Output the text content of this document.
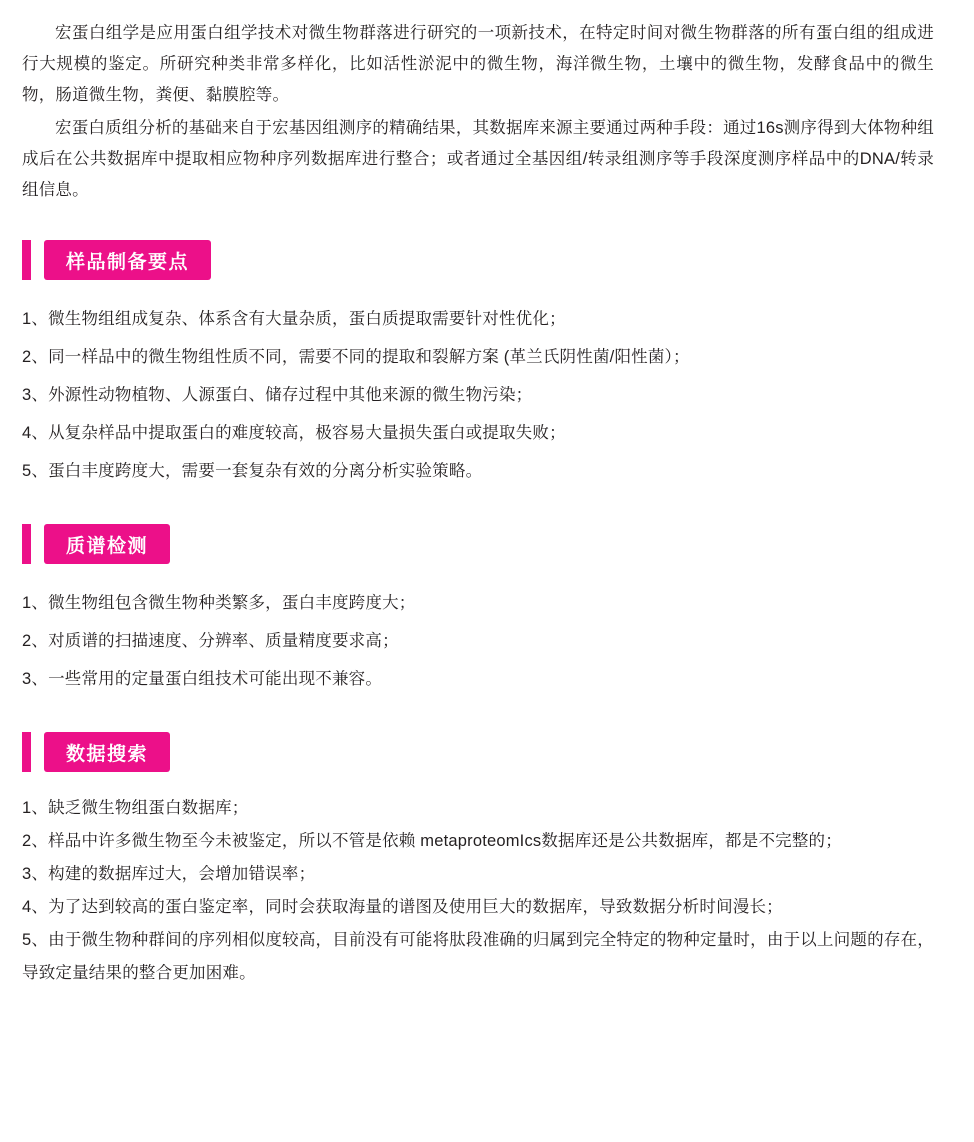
宏蛋白组学是应用蛋白组学技术对微生物群落进行研究的一项新技术，在特定时间对微生物群落的所有蛋白组的组成进行大规模的鉴定。所研究种类非常多样化，比如活性淤泥中的微生物，海洋微生物，土壤中的微生物，发酵食品中的微生物，肠道微生物，粪便、黏膜腔等。

宏蛋白质组分析的基础来自于宏基因组测序的精确结果，其数据库来源主要通过两种手段：通过16s测序得到大体物种组成后在公共数据库中提取相应物种序列数据库进行整合；或者通过全基因组/转录组测序等手段深度测序样品中的DNA/转录组信息。

样品制备要点
1、微生物组组成复杂、体系含有大量杂质，蛋白质提取需要针对性优化；
2、同一样品中的微生物组性质不同，需要不同的提取和裂解方案 (革兰氏阴性菌/阳性菌）；
3、外源性动物植物、人源蛋白、储存过程中其他来源的微生物污染；
4、从复杂样品中提取蛋白的难度较高，极容易大量损失蛋白或提取失败；
5、蛋白丰度跨度大，需要一套复杂有效的分离分析实验策略。
质谱检测
1、微生物组包含微生物种类繁多，蛋白丰度跨度大；
2、对质谱的扫描速度、分辨率、质量精度要求高；
3、一些常用的定量蛋白组技术可能出现不兼容。
数据搜索
1、缺乏微生物组蛋白数据库；
2、样品中许多微生物至今未被鉴定，所以不管是依赖 metaproteomIcs数据库还是公共数据库，都是不完整的；
3、构建的数据库过大，会增加错误率；
4、为了达到较高的蛋白鉴定率，同时会获取海量的谱图及使用巨大的数据库，导致数据分析时间漫长；
5、由于微生物种群间的序列相似度较高，目前没有可能将肽段准确的归属到完全特定的物种定量时，由于以上问题的存在，导致定量结果的整合更加困难。
